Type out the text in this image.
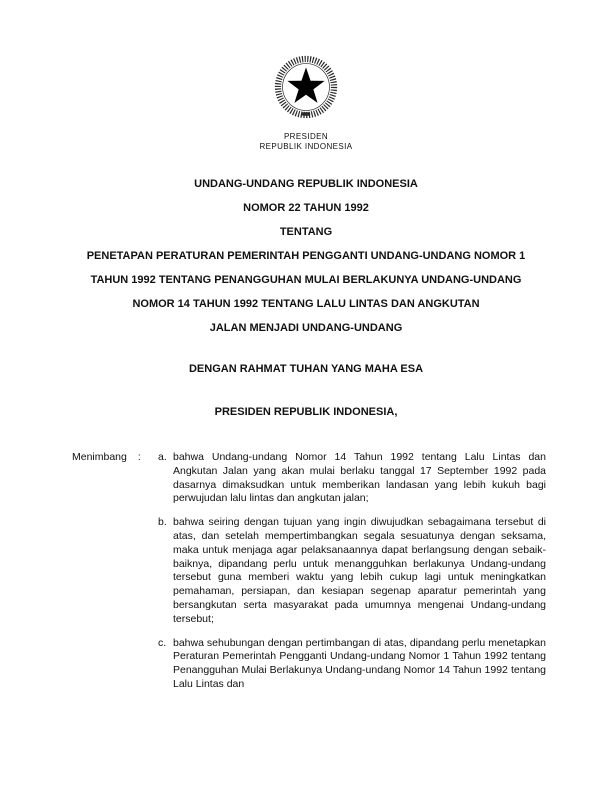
PRESIDEN
REPUBLIK INDONESIA
UNDANG-UNDANG REPUBLIK INDONESIA
NOMOR 22 TAHUN 1992
TENTANG
PENETAPAN PERATURAN PEMERINTAH PENGGANTI UNDANG-UNDANG NOMOR 1
TAHUN 1992 TENTANG PENANGGUHAN MULAI BERLAKUNYA UNDANG-UNDANG
NOMOR 14 TAHUN 1992 TENTANG LALU LINTAS DAN ANGKUTAN
JALAN MENJADI UNDANG-UNDANG
DENGAN RAHMAT TUHAN YANG MAHA ESA
PRESIDEN REPUBLIK INDONESIA,
Menimbang :	a. bahwa Undang-undang Nomor 14 Tahun 1992 tentang Lalu Lintas dan Angkutan Jalan yang akan mulai berlaku tanggal 17 September 1992 pada dasarnya dimaksudkan untuk memberikan landasan yang lebih kukuh bagi perwujudan lalu lintas dan angkutan jalan;

b. bahwa seiring dengan tujuan yang ingin diwujudkan sebagaimana tersebut di atas, dan setelah mempertimbangkan segala sesuatunya dengan seksama, maka untuk menjaga agar pelaksanaannya dapat berlangsung dengan sebaik-baiknya, dipandang perlu untuk menangguhkan berlakunya Undang-undang tersebut guna memberi waktu yang lebih cukup lagi untuk meningkatkan pemahaman, persiapan, dan kesiapan segenap aparatur pemerintah yang bersangkutan serta masyarakat pada umumnya mengenai Undang-undang tersebut;

c. bahwa sehubungan dengan pertimbangan di atas, dipandang perlu menetapkan Peraturan Pemerintah Pengganti Undang-undang Nomor 1 Tahun 1992 tentang Penangguhan Mulai Berlakunya Undang-undang Nomor 14 Tahun 1992 tentang Lalu Lintas dan
